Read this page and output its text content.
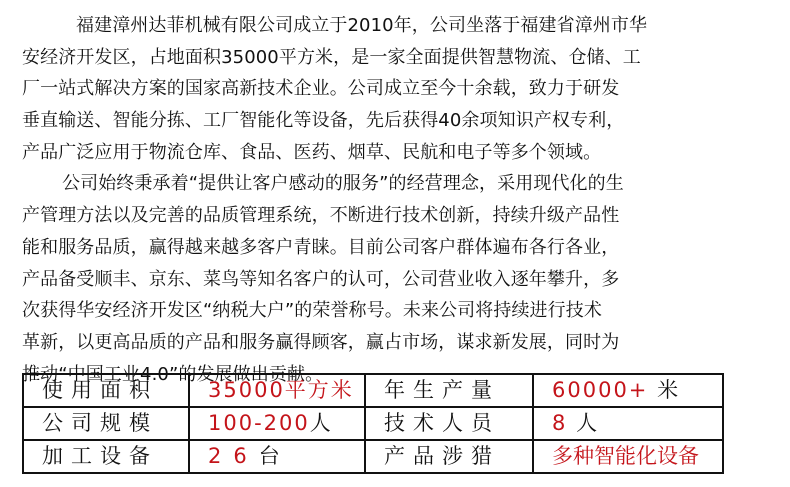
福建漳州达菲机械有限公司成立于2010年，公司坐落于福建省漳州市华
安经济开发区，占地面积35000平方米，是一家全面提供智慧物流、仓储、工
厂一站式解决方案的国家高新技术企业。公司成立至今十余载，致力于研发
垂直输送、智能分拣、工厂智能化等设备，先后获得40余项知识产权专利，
产品广泛应用于物流仓库、食品、医药、烟草、民航和电子等多个领域。
公司始终秉承着“提供让客户感动的服务”的经营理念，采用现代化的生
产管理方法以及完善的品质管理系统，不断进行技术创新，持续升级产品性
能和服务品质，赢得越来越多客户青睐。目前公司客户群体遍布各行各业，
产品备受顺丰、京东、菜鸟等知名客户的认可，公司营业收入逐年攀升，多
次获得华安经济开发区“纳税大户”的荣誉称号。未来公司将持续进行技术
革新，以更高品质的产品和服务赢得顾客，赢占市场，谋求新发展，同时为
推动“中国工业4.0”的发展做出贡献。
使用面积	35000平方米	年生产量	60000+ 米
公司规模	100-200人	技术人员	8 人
加工设备	26台	产品涉猎	多种智能化设备
